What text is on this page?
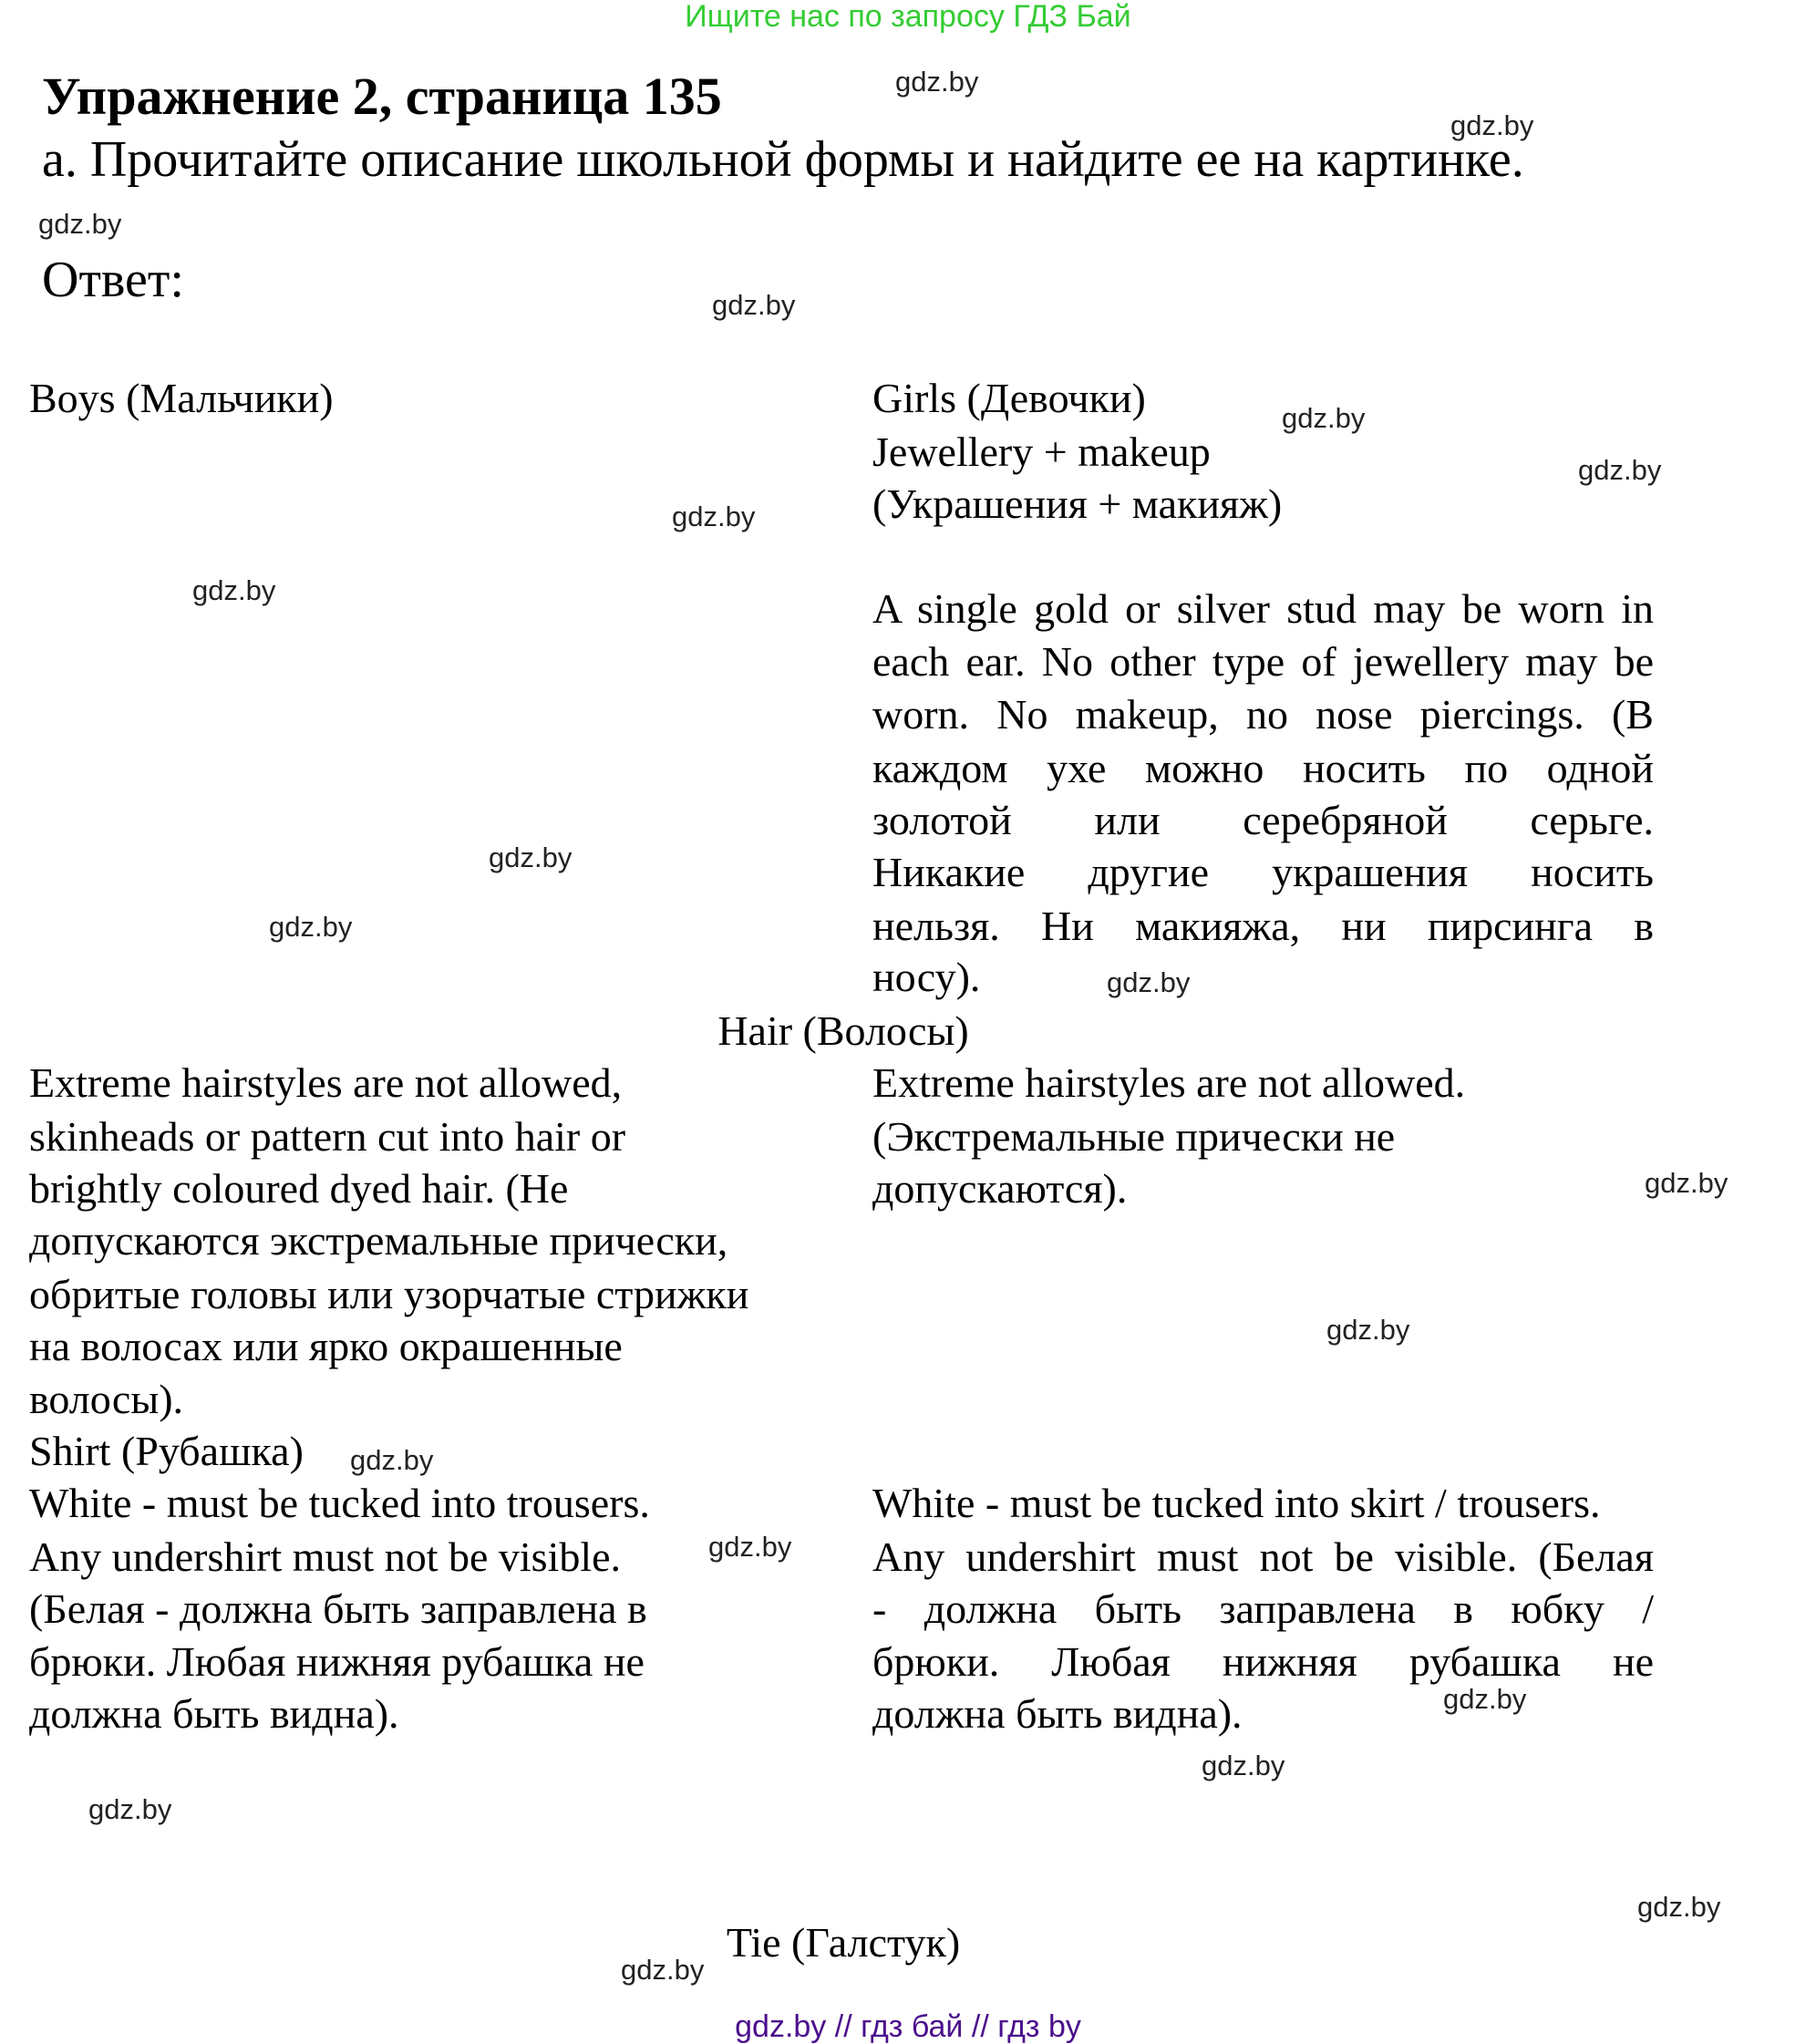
Ищите нас по запросу ГДЗ Бай
Упражнение 2, страница 135
а. Прочитайте описание школьной формы и найдите ее на картинке.
Ответ:
Boys (Мальчики)	Girls (Девочки)
Jewellery + makeup
(Украшения + макияж)
A single gold or silver stud may be worn in
each ear. No other type of jewellery may be
worn. No makeup, no nose piercings. (В
каждом ухе можно носить по одной
золотой или серебряной серьге.
Никакие другие украшения носить
нельзя. Ни макияжа, ни пирсинга в
носу).
Hair (Волосы)
Extreme hairstyles are not allowed,
skinheads or pattern cut into hair or
brightly coloured dyed hair. (Не
допускаются экстремальные прически,
обритые головы или узорчатые стрижки
на волосах или ярко окрашенные
волосы).
Extreme hairstyles are not allowed.
(Экстремальные прически не
допускаются).
Shirt (Рубашка)
White - must be tucked into trousers.
Any undershirt must not be visible.
(Белая - должна быть заправлена в
брюки. Любая нижняя рубашка не
должна быть видна).
White - must be tucked into skirt / trousers.
Any undershirt must not be visible. (Белая
- должна быть заправлена в юбку /
брюки. Любая нижняя рубашка не
должна быть видна).
Tie (Галстук)
gdz.by
gdz.by
gdz.by
gdz.by
gdz.by
gdz.by
gdz.by
gdz.by
gdz.by
gdz.by
gdz.by
gdz.by
gdz.by
gdz.by
gdz.by
gdz.by
gdz.by
gdz.by
gdz.by
gdz.by
gdz.by // гдз бай // гдз by
